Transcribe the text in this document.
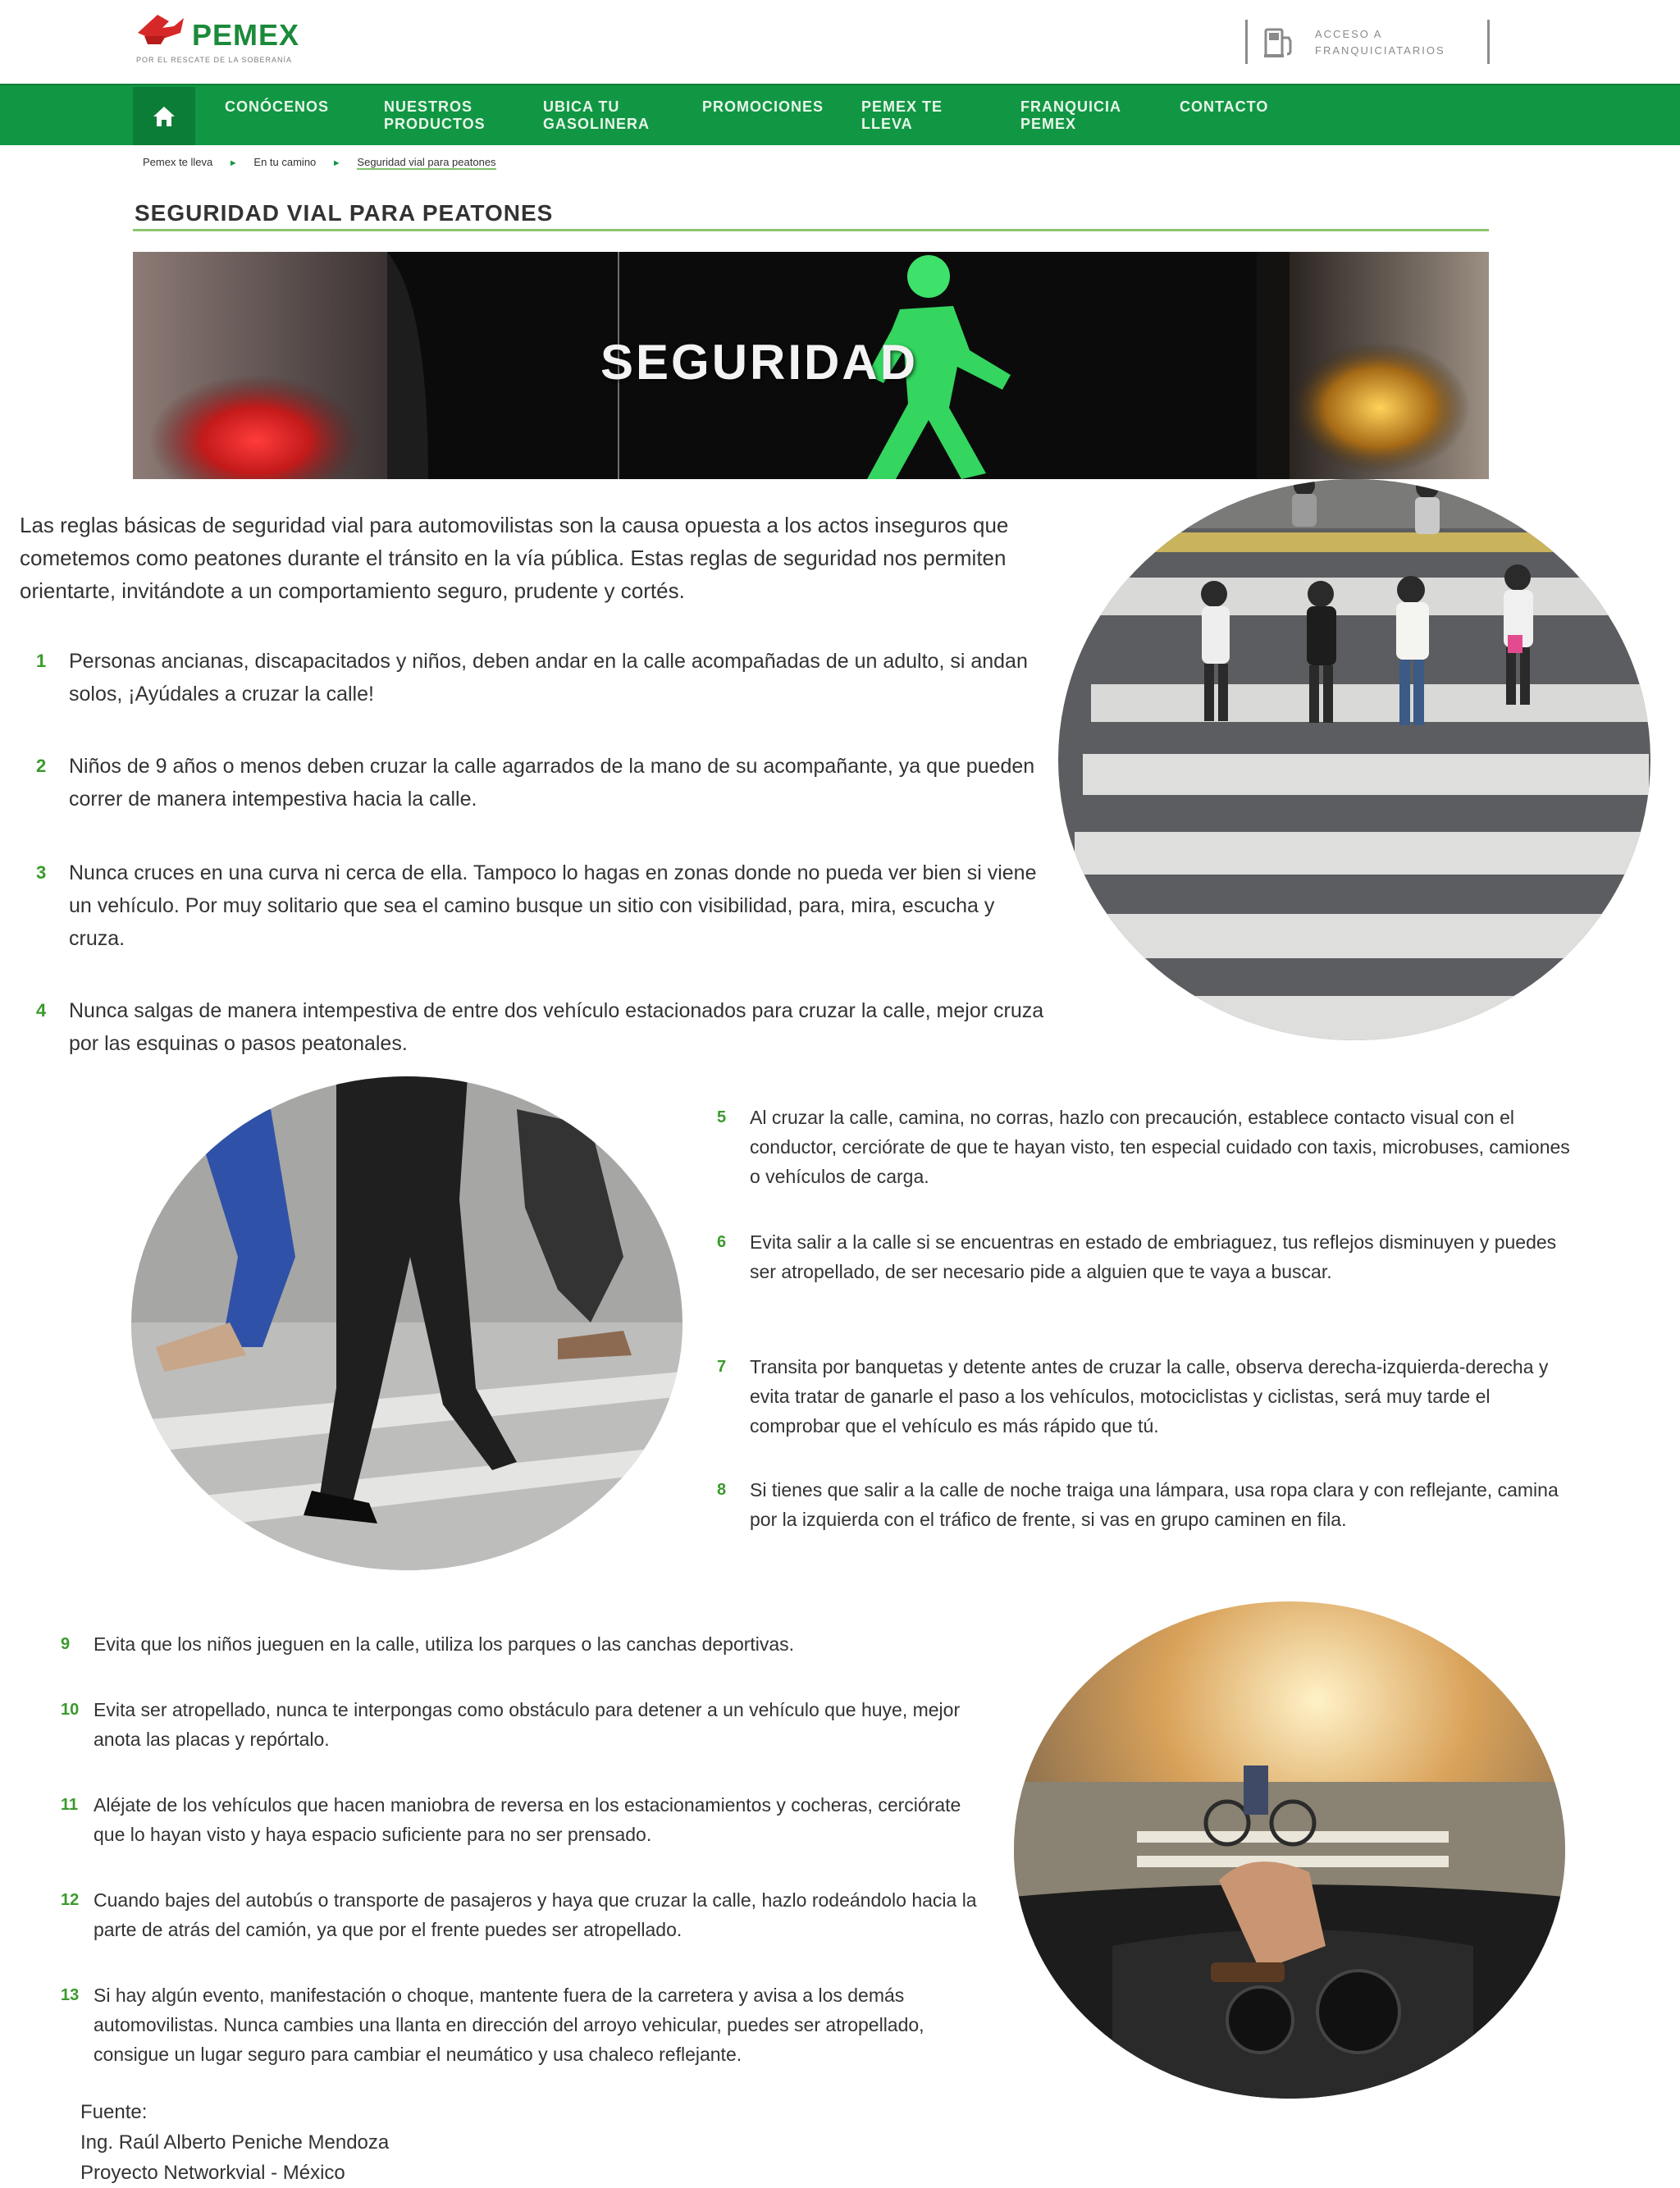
PEMEX
POR EL RESCATE DE LA SOBERANÍA
ACCESO A
FRANQUICIATARIOS
CONÓCENOS	NUESTROS
PRODUCTOS
UBICA TU
GASOLINERA
PROMOCIONES	PEMEX TE
LLEVA
FRANQUICIA
PEMEX
CONTACTO
Pemex te lleva ► En tu camino ► Seguridad vial para peatones
SEGURIDAD VIAL PARA PEATONES
SEGURIDAD

Las reglas básicas de seguridad vial para automovilistas son la causa opuesta a los actos inseguros que cometemos como peatones durante el tránsito en la vía pública. Estas reglas de seguridad nos permiten orientarte, invitándote a un comportamiento seguro, prudente y cortés.

1	Personas ancianas, discapacitados y niños, deben andar en la calle acompañadas de un adulto, si andan solos, ¡Ayúdales a cruzar la calle!
2	Niños de 9 años o menos deben cruzar la calle agarrados de la mano de su acompañante, ya que pueden correr de manera intempestiva hacia la calle.
3	Nunca cruces en una curva ni cerca de ella. Tampoco lo hagas en zonas donde no pueda ver bien si viene un vehículo. Por muy solitario que sea el camino busque un sitio con visibilidad, para, mira, escucha y cruza.
4	Nunca salgas de manera intempestiva de entre dos vehículo estacionados para cruzar la calle, mejor cruza por las esquinas o pasos peatonales.
5	Al cruzar la calle, camina, no corras, hazlo con precaución, establece contacto visual con el conductor, cerciórate de que te hayan visto, ten especial cuidado con taxis, microbuses, camiones o vehículos de carga.
6	Evita salir a la calle si se encuentras en estado de embriaguez, tus reflejos disminuyen y puedes ser atropellado, de ser necesario pide a alguien que te vaya a buscar.
7	Transita por banquetas y detente antes de cruzar la calle, observa derecha-izquierda-derecha y evita tratar de ganarle el paso a los vehículos, motociclistas y ciclistas, será muy tarde el comprobar que el vehículo es más rápido que tú.
8	Si tienes que salir a la calle de noche traiga una lámpara, usa ropa clara y con reflejante, camina por la izquierda con el tráfico de frente, si vas en grupo caminen en fila.
9	Evita que los niños jueguen en la calle, utiliza los parques o las canchas deportivas.
10 Evita ser atropellado, nunca te interpongas como obstáculo para detener a un vehículo que huye, mejor anota las placas y repórtalo.
11 Aléjate de los vehículos que hacen maniobra de reversa en los estacionamientos y cocheras, cerciórate que lo hayan visto y haya espacio suficiente para no ser prensado.
12 Cuando bajes del autobús o transporte de pasajeros y haya que cruzar la calle, hazlo rodeándolo hacia la parte de atrás del camión, ya que por el frente puedes ser atropellado.
13 Si hay algún evento, manifestación o choque, mantente fuera de la carretera y avisa a los demás automovilistas. Nunca cambies una llanta en dirección del arroyo vehicular, puedes ser atropellado, consigue un lugar seguro para cambiar el neumático y usa chaleco reflejante.
Fuente:
Ing. Raúl Alberto Peniche Mendoza
Proyecto Networkvial - México
